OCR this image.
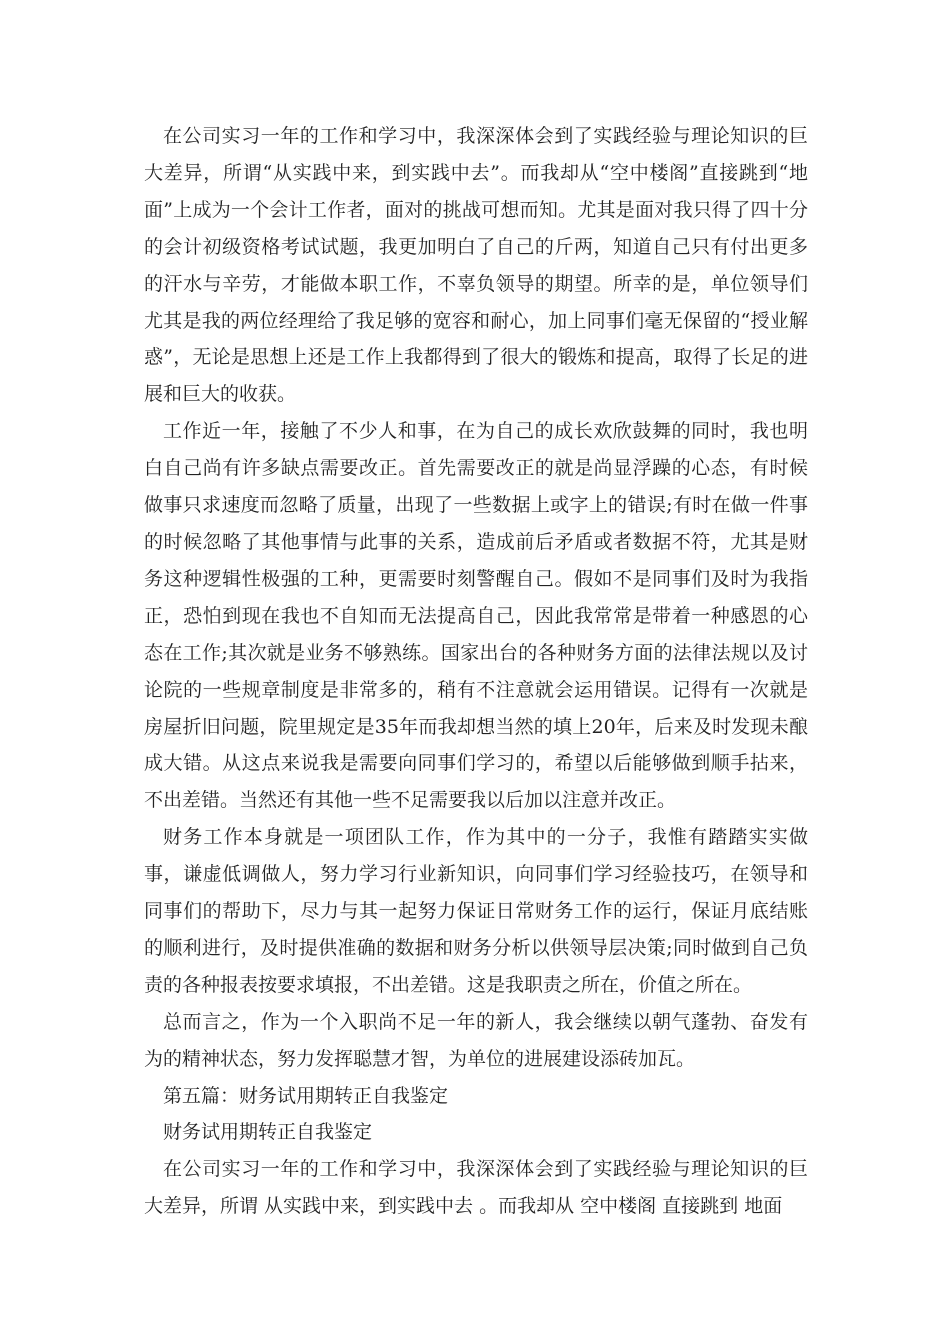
在公司实习一年的工作和学习中，我深深体会到了实践经验与理论知识的巨大差异，所谓“从实践中来，到实践中去”。而我却从“空中楼阁”直接跳到“地面”上成为一个会计工作者，面对的挑战可想而知。尤其是面对我只得了四十分的会计初级资格考试试题，我更加明白了自己的斤两，知道自己只有付出更多的汗水与辛劳，才能做本职工作，不辜负领导的期望。所幸的是，单位领导们尤其是我的两位经理给了我足够的宽容和耐心，加上同事们毫无保留的“授业解惑”，无论是思想上还是工作上我都得到了很大的锻炼和提高，取得了长足的进展和巨大的收获。

工作近一年，接触了不少人和事，在为自己的成长欢欣鼓舞的同时，我也明白自己尚有许多缺点需要改正。首先需要改正的就是尚显浮躁的心态，有时候做事只求速度而忽略了质量，出现了一些数据上或字上的错误;有时在做一件事的时候忽略了其他事情与此事的关系，造成前后矛盾或者数据不符，尤其是财务这种逻辑性极强的工种，更需要时刻警醒自己。假如不是同事们及时为我指正，恐怕到现在我也不自知而无法提高自己，因此我常常是带着一种感恩的心态在工作;其次就是业务不够熟练。国家出台的各种财务方面的法律法规以及讨论院的一些规章制度是非常多的，稍有不注意就会运用错误。记得有一次就是房屋折旧问题，院里规定是35年而我却想当然的填上20年，后来及时发现未酿成大错。从这点来说我是需要向同事们学习的，希望以后能够做到顺手拈来，不出差错。当然还有其他一些不足需要我以后加以注意并改正。

财务工作本身就是一项团队工作，作为其中的一分子，我惟有踏踏实实做事，谦虚低调做人，努力学习行业新知识，向同事们学习经验技巧，在领导和同事们的帮助下，尽力与其一起努力保证日常财务工作的运行，保证月底结账的顺利进行，及时提供准确的数据和财务分析以供领导层决策;同时做到自己负责的各种报表按要求填报，不出差错。这是我职责之所在，价值之所在。

总而言之，作为一个入职尚不足一年的新人，我会继续以朝气蓬勃、奋发有为的精神状态，努力发挥聪慧才智，为单位的进展建设添砖加瓦。

第五篇：财务试用期转正自我鉴定

财务试用期转正自我鉴定

在公司实习一年的工作和学习中，我深深体会到了实践经验与理论知识的巨大差异，所谓 从实践中来，到实践中去 。而我却从 空中楼阁 直接跳到 地面
